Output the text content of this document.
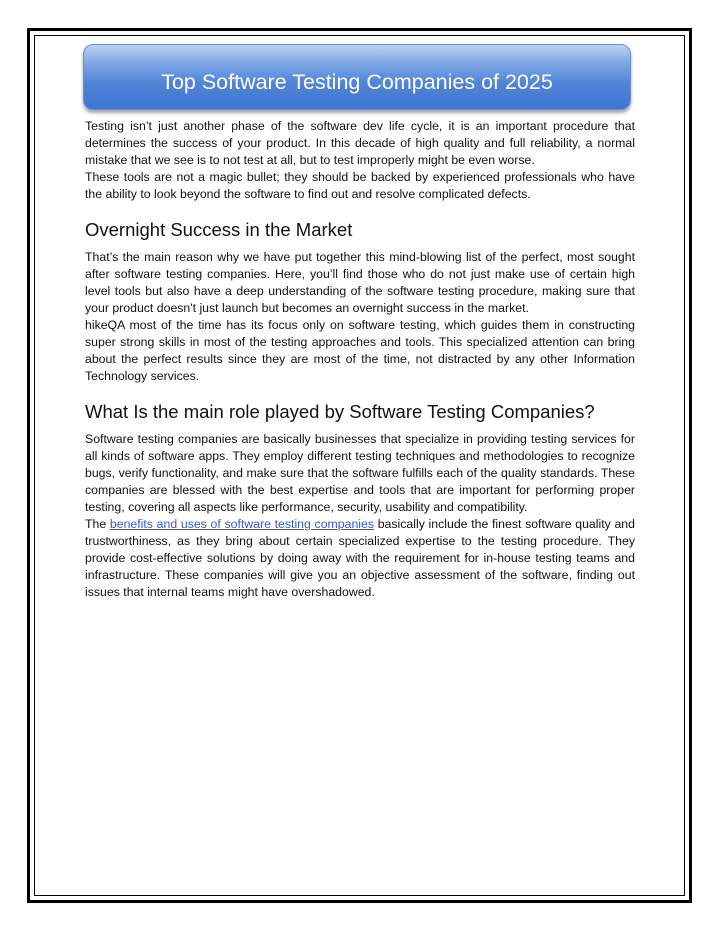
Top Software Testing Companies of 2025

Testing isn’t just another phase of the software dev life cycle, it is an important procedure that determines the success of your product. In this decade of high quality and full reliability, a normal mistake that we see is to not test at all, but to test improperly might be even worse.

These tools are not a magic bullet; they should be backed by experienced professionals who have the ability to look beyond the software to find out and resolve complicated defects.

Overnight Success in the Market

That’s the main reason why we have put together this mind-blowing list of the perfect, most sought after software testing companies. Here, you’ll find those who do not just make use of certain high level tools but also have a deep understanding of the software testing procedure, making sure that your product doesn't just launch but becomes an overnight success in the market.

hikeQA most of the time has its focus only on software testing, which guides them in constructing super strong skills in most of the testing approaches and tools. This specialized attention can bring about the perfect results since they are most of the time, not distracted by any other Information Technology services.

What Is the main role played by Software Testing Companies?

Software testing companies are basically businesses that specialize in providing testing services for all kinds of software apps. They employ different testing techniques and methodologies to recognize bugs, verify functionality, and make sure that the software fulfills each of the quality standards. These companies are blessed with the best expertise and tools that are important for performing proper testing, covering all aspects like performance, security, usability and compatibility.

The benefits and uses of software testing companies basically include the finest software quality and trustworthiness, as they bring about certain specialized expertise to the testing procedure. They provide cost-effective solutions by doing away with the requirement for in-house testing teams and infrastructure. These companies will give you an objective assessment of the software, finding out issues that internal teams might have overshadowed.
